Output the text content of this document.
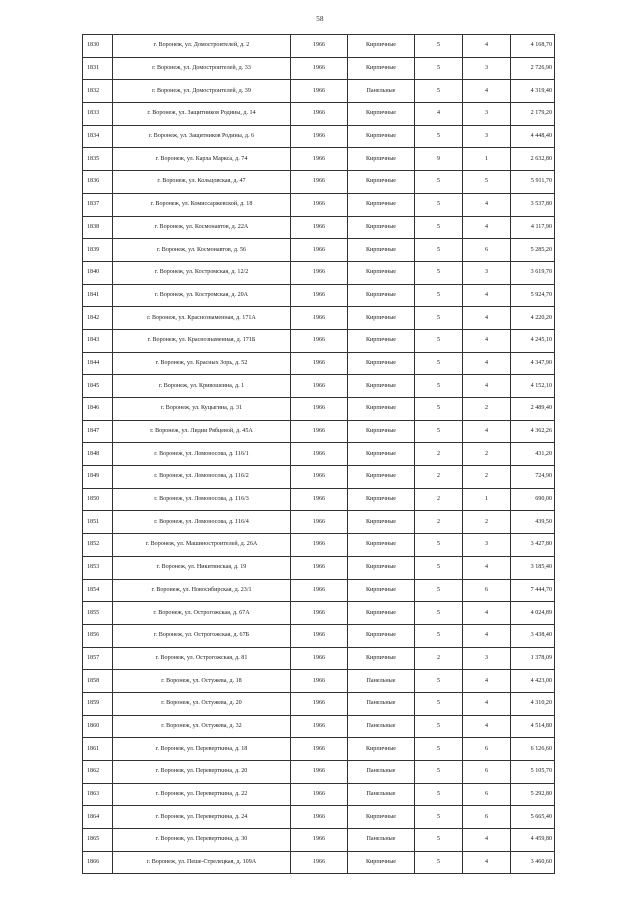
58
1830	г. Воронеж, ул. Домостроителей, д. 2	1966	Кирпичные	5	4	4 168,70
1831	г. Воронеж, ул. Домостроителей, д. 33	1966	Кирпичные	5	3	2 726,90
1832	г. Воронеж, ул. Домостроителей, д. 39	1966	Панельные	5	4	4 319,40
1833	г. Воронеж, ул. Защитников Родины, д. 14	1966	Кирпичные	4	3	2 179,20
1834	г. Воронеж, ул. Защитников Родины, д. 6	1966	Кирпичные	5	3	4 448,40
1835	г. Воронеж, ул. Карла Маркса, д. 74	1966	Кирпичные	9	1	2 632,80
1836	г. Воронеж, ул. Кольцовская, д. 47	1966	Кирпичные	5	5	5 911,70
1837	г. Воронеж, ул. Комиссаржевской, д. 18	1966	Кирпичные	5	4	3 537,80
1838	г. Воронеж, ул. Космонавтов, д. 22А	1966	Кирпичные	5	4	4 117,90
1839	г. Воронеж, ул. Космонавтов, д. 56	1966	Кирпичные	5	6	5 285,20
1840	г. Воронеж, ул. Костромская, д. 12/2	1966	Кирпичные	5	3	3 619,70
1841	г. Воронеж, ул. Костромская, д. 20А	1966	Кирпичные	5	4	5 924,70
1842	г. Воронеж, ул. Краснознаменная, д. 171А	1966	Кирпичные	5	4	4 220,20
1843	г. Воронеж, ул. Краснознаменная, д. 171Б	1966	Кирпичные	5	4	4 245,10
1844	г. Воронеж, ул. Красных Зорь, д. 52	1966	Кирпичные	5	4	4 347,90
1845	г. Воронеж, ул. Кривошеина, д. 1	1966	Кирпичные	5	4	4 152,10
1846	г. Воронеж, ул. Куцыгина, д. 31	1966	Кирпичные	5	2	2 489,40
1847	г. Воронеж, ул. Лидии Рябцевой, д. 45А	1966	Кирпичные	5	4	4 362,26
1848	г. Воронеж, ул. Ломоносова, д. 116/1	1966	Кирпичные	2	2	431,20
1849	г. Воронеж, ул. Ломоносова, д. 116/2	1966	Кирпичные	2	2	724,90
1850	г. Воронеж, ул. Ломоносова, д. 116/3	1966	Кирпичные	2	1	690,00
1851	г. Воронеж, ул. Ломоносова, д. 116/4	1966	Кирпичные	2	2	439,50
1852	г. Воронеж, ул. Машиностроителей, д. 26А	1966	Кирпичные	5	3	3 427,80
1853	г. Воронеж, ул. Никитинская, д. 19	1966	Кирпичные	5	4	3 185,40
1854	г. Воронеж, ул. Новосибирская, д. 23/1	1966	Кирпичные	5	6	7 444,70
1855	г. Воронеж, ул. Острогожская, д. 67А	1966	Кирпичные	5	4	4 024,89
1856	г. Воронеж, ул. Острогожская, д. 67Б	1966	Кирпичные	5	4	3 438,40
1857	г. Воронеж, ул. Острогожская, д. 81	1966	Кирпичные	2	3	1 378,09
1858	г. Воронеж, ул. Остужева, д. 18	1966	Панельные	5	4	4 423,00
1859	г. Воронеж, ул. Остужева, д. 20	1966	Панельные	5	4	4 310,20
1860	г. Воронеж, ул. Остужева, д. 32	1966	Панельные	5	4	4 514,80
1861	г. Воронеж, ул. Переверткина, д. 18	1966	Кирпичные	5	6	6 126,60
1862	г. Воронеж, ул. Переверткина, д. 20	1966	Панельные	5	6	5 105,70
1863	г. Воронеж, ул. Переверткина, д. 22	1966	Панельные	5	6	5 292,80
1864	г. Воронеж, ул. Переверткина, д. 24	1966	Кирпичные	5	6	5 665,40
1865	г. Воронеж, ул. Переверткина, д. 30	1966	Панельные	5	4	4 459,80
1866	г. Воронеж, ул. Пеше-Стрелецкая, д. 109А	1966	Кирпичные	5	4	3 460,60
